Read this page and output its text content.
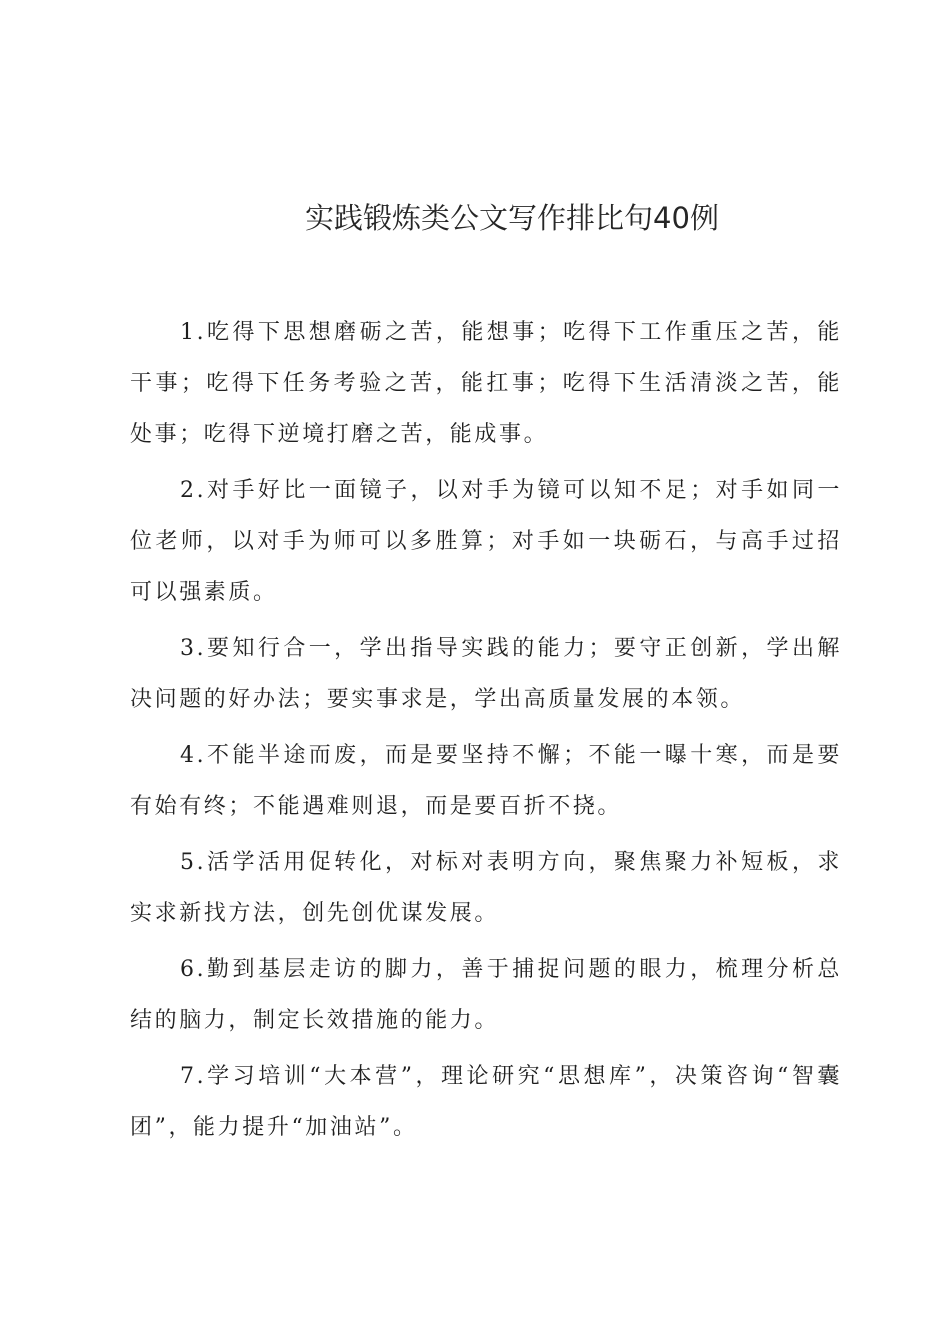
实践锻炼类公文写作排比句40例

1.吃得下思想磨砺之苦，能想事；吃得下工作重压之苦，能干事；吃得下任务考验之苦，能扛事；吃得下生活清淡之苦，能处事；吃得下逆境打磨之苦，能成事。

2.对手好比一面镜子，以对手为镜可以知不足；对手如同一位老师，以对手为师可以多胜算；对手如一块砺石，与高手过招可以强素质。

3.要知行合一，学出指导实践的能力；要守正创新，学出解决问题的好办法；要实事求是，学出高质量发展的本领。

4.不能半途而废，而是要坚持不懈；不能一曝十寒，而是要有始有终；不能遇难则退，而是要百折不挠。

5.活学活用促转化，对标对表明方向，聚焦聚力补短板，求实求新找方法，创先创优谋发展。

6.勤到基层走访的脚力，善于捕捉问题的眼力，梳理分析总结的脑力，制定长效措施的能力。

7.学习培训“大本营”，理论研究“思想库”，决策咨询“智囊团”，能力提升“加油站”。
